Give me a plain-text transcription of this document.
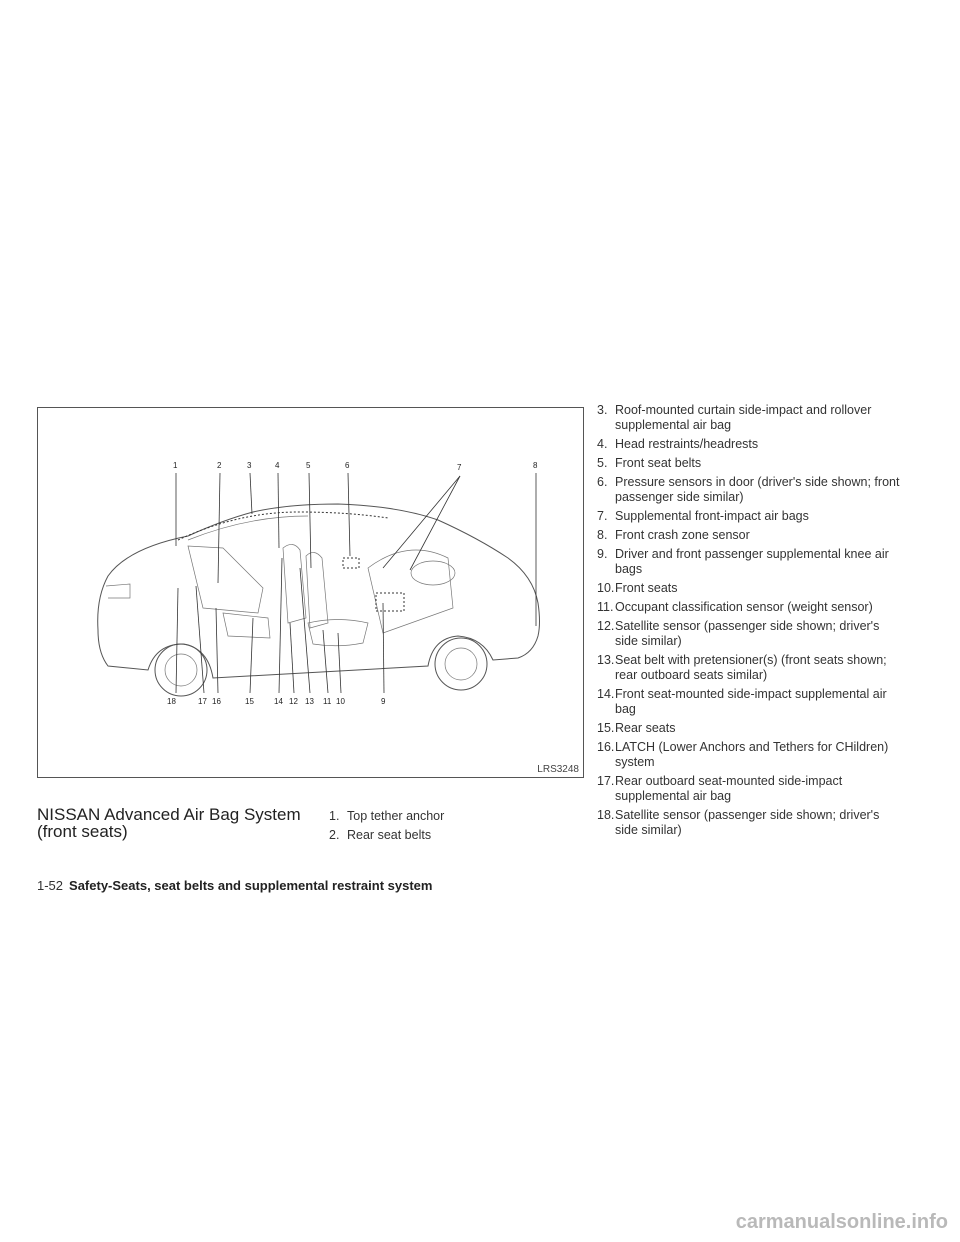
1	2	3	4	5	6	7	8
18	17 16	15	14 12 13 11 10	9
LRS3248
NISSAN Advanced Air Bag System (front seats)
1. Top tether anchor
2. Rear seat belts
3. Roof-mounted curtain side-impact and rollover supplemental air bag
4. Head restraints/headrests
5. Front seat belts
6. Pressure sensors in door (driver's side shown; front passenger side similar)
7. Supplemental front-impact air bags
8. Front crash zone sensor
9. Driver and front passenger supplemental knee air bags
10.Front seats
11. Occupant classification sensor (weight sensor)
12.Satellite sensor (passenger side shown; driver's side similar)
13.Seat belt with pretensioner(s) (front seats shown; rear outboard seats similar)
14.Front seat-mounted side-impact supplemental air bag
15.Rear seats
16.LATCH (Lower Anchors and Tethers for CHildren) system
17.Rear outboard seat-mounted side-impact supplemental air bag
18.Satellite sensor (passenger side shown; driver's side similar)
1-52 Safety-Seats, seat belts and supplemental restraint system
carmanualsonline.info
